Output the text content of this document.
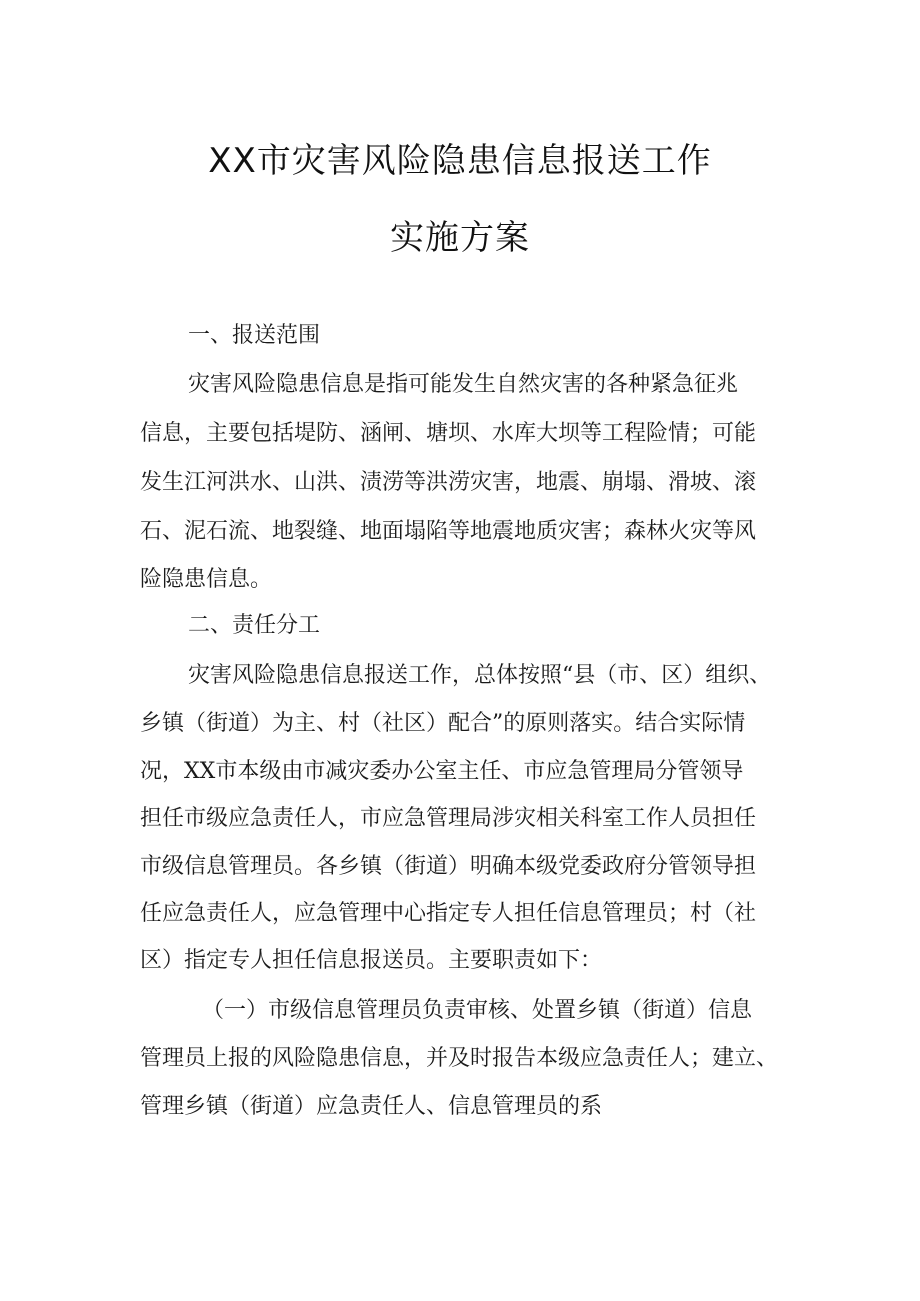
XX市灾害风险隐患信息报送工作
实施方案
一、报送范围
灾害风险隐患信息是指可能发生自然灾害的各种紧急征兆
信息，主要包括堤防、涵闸、塘坝、水库大坝等工程险情；可能
发生江河洪水、山洪、渍涝等洪涝灾害，地震、崩塌、滑坡、滚
石、泥石流、地裂缝、地面塌陷等地震地质灾害；森林火灾等风
险隐患信息。
二、责任分工
灾害风险隐患信息报送工作，总体按照“县（市、区）组织、
乡镇（街道）为主、村（社区）配合”的原则落实。结合实际情
况，XX市本级由市减灾委办公室主任、市应急管理局分管领导
担任市级应急责任人，市应急管理局涉灾相关科室工作人员担任
市级信息管理员。各乡镇（街道）明确本级党委政府分管领导担
任应急责任人，应急管理中心指定专人担任信息管理员；村（社
区）指定专人担任信息报送员。主要职责如下：
（一）市级信息管理员负责审核、处置乡镇（街道）信息
管理员上报的风险隐患信息，并及时报告本级应急责任人；建立、
管理乡镇（街道）应急责任人、信息管理员的系
